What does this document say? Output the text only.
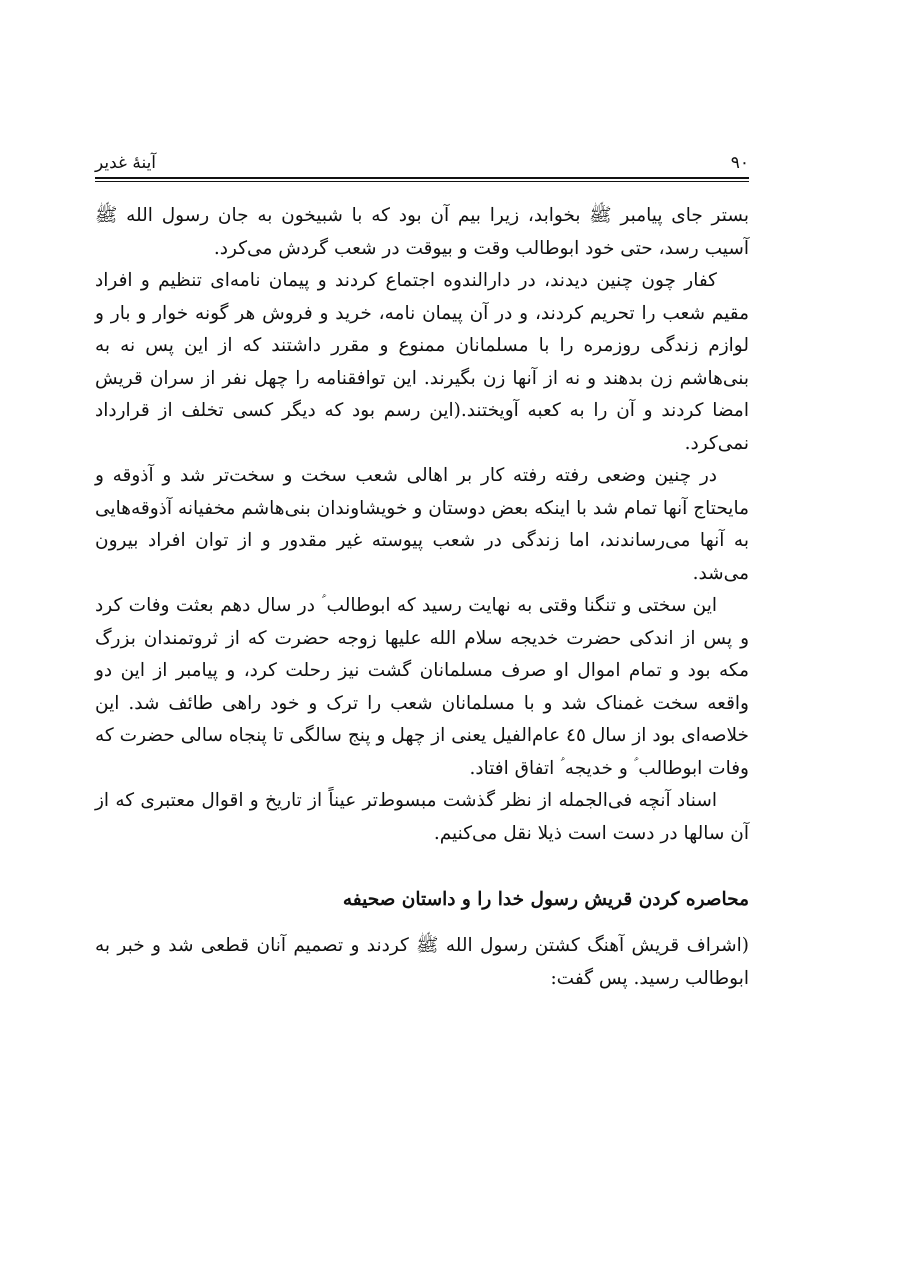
۹۰
آینهٔ غدیر

بستر جای پیامبر ﷺ بخوابد، زیرا بیم آن بود که با شبیخون به جان رسول الله ﷺ آسیب رسد، حتی خود ابوطالب وقت و بیوقت در شعب گردش می‌کرد.

کفار چون چنین دیدند، در دارالندوه اجتماع کردند و پیمان نامه‌ای تنظیم و افراد مقیم شعب را تحریم کردند، و در آن پیمان نامه، خرید و فروش هر گونه خوار و بار و لوازم زندگی روزمره را با مسلمانان ممنوع و مقرر داشتند که از این پس نه به بنی‌هاشم زن بدهند و نه از آنها زن بگیرند. این توافقنامه را چهل نفر از سران قریش امضا کردند و آن را به کعبه آویختند.(این رسم بود که دیگر کسی تخلف از قرارداد نمی‌کرد.

در چنین وضعی رفته رفته کار بر اهالی شعب سخت و سخت‌تر شد و آذوقه و مایحتاج آنها تمام شد با اینکه بعض دوستان و خویشاوندان بنی‌هاشم مخفیانه آذوقه‌هایی به آنها می‌رساندند، اما زندگی در شعب پیوسته غیر مقدور و از توان افراد بیرون می‌شد.

این سختی و تنگنا وقتی به نهایت رسید که ابوطالب ؑ در سال دهم بعثت وفات کرد و پس از اندکی حضرت خدیجه سلام الله علیها زوجه حضرت که از ثروتمندان بزرگ مکه بود و تمام اموال او صرف مسلمانان گشت نیز رحلت کرد، و پیامبر از این دو واقعه سخت غمناک شد و با مسلمانان شعب را ترک و خود راهی طائف شد. این خلاصه‌ای بود از سال ٤٥ عام‌الفیل یعنی از چهل و پنج سالگی تا پنجاه سالی حضرت که وفات ابوطالب ؑ و خدیجه ؑ اتفاق افتاد.

اسناد آنچه فی‌الجمله از نظر گذشت مبسوط‌تر عیناً از تاریخ و اقوال معتبری که از آن سالها در دست است ذیلا نقل می‌کنیم.

محاصره کردن قریش رسول خدا را و داستان صحیفه

(اشراف قریش آهنگ کشتن رسول الله ﷺ کردند و تصمیم آنان قطعی شد و خبر به ابوطالب رسید. پس گفت:
